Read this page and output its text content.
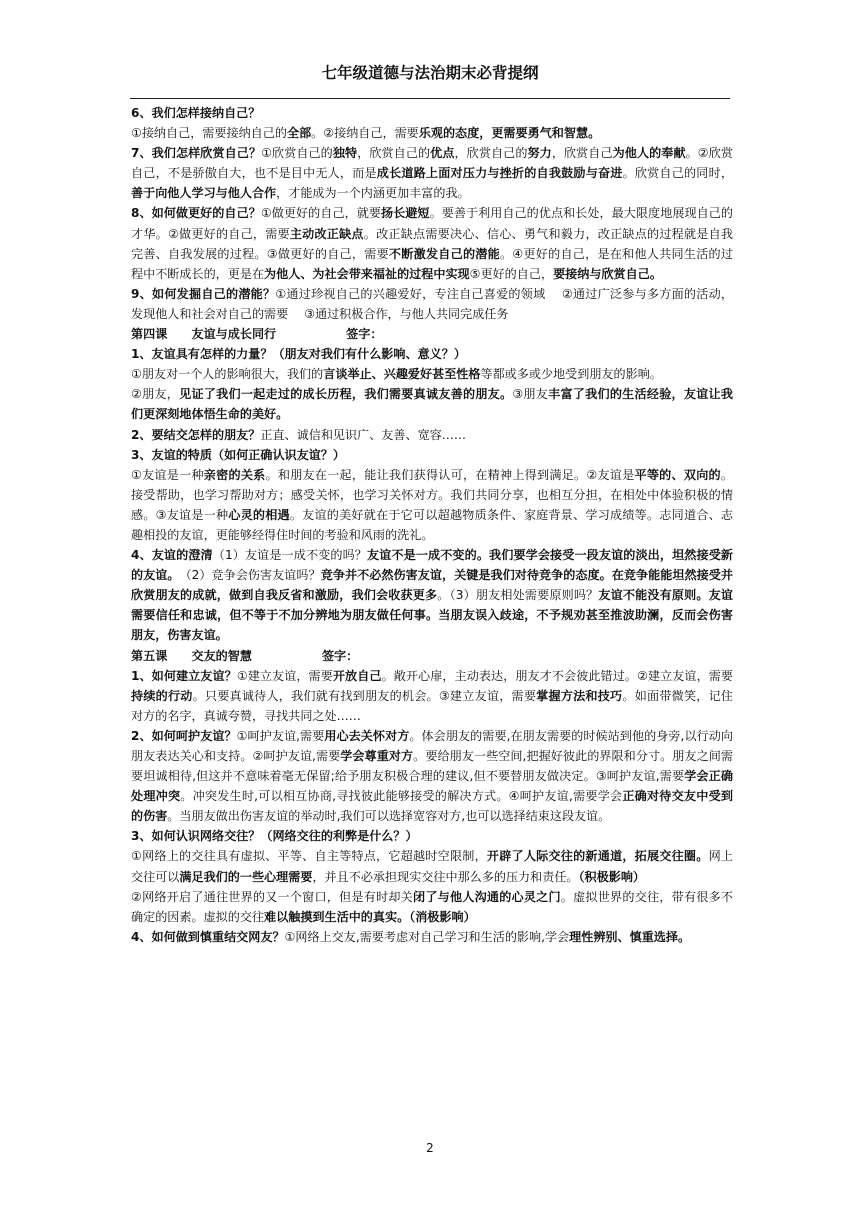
七年级道德与法治期末必背提纲

6、我们怎样接纳自己？

①接纳自己，需要接纳自己的全部。②接纳自己，需要乐观的态度，更需要勇气和智慧。

7、我们怎样欣赏自己？①欣赏自己的独特，欣赏自己的优点，欣赏自己的努力，欣赏自己为他人的奉献。②欣赏自己，不是骄傲自大，也不是目中无人，而是成长道路上面对压力与挫折的自我鼓励与奋进。欣赏自己的同时，善于向他人学习与他人合作，才能成为一个内涵更加丰富的我。

8、如何做更好的自己？①做更好的自己，就要扬长避短。要善于利用自己的优点和长处，最大限度地展现自己的才华。②做更好的自己，需要主动改正缺点。改正缺点需要决心、信心、勇气和毅力，改正缺点的过程就是自我完善、自我发展的过程。③做更好的自己，需要不断激发自己的潜能。④更好的自己，是在和他人共同生活的过程中不断成长的，更是在为他人、为社会带来福祉的过程中实现⑤更好的自己，要接纳与欣赏自己。

9、如何发掘自己的潜能？①通过珍视自己的兴趣爱好，专注自己喜爱的领域　 ②通过广泛参与多方面的活动，发现他人和社会对自己的需要　 ③通过积极合作，与他人共同完成任务

第四课　　友谊与成长同行	签字：

1、友谊具有怎样的力量？（朋友对我们有什么影响、意义？）

①朋友对一个人的影响很大，我们的言谈举止、兴趣爱好甚至性格等都或多或少地受到朋友的影响。

②朋友，见证了我们一起走过的成长历程，我们需要真诚友善的朋友。③朋友丰富了我们的生活经验，友谊让我们更深刻地体悟生命的美好。

2、要结交怎样的朋友？正直、诚信和见识广、友善、宽容……

3、友谊的特质（如何正确认识友谊？）

①友谊是一种亲密的关系。和朋友在一起，能让我们获得认可，在精神上得到满足。②友谊是平等的、双向的。接受帮助，也学习帮助对方；感受关怀，也学习关怀对方。我们共同分享，也相互分担，在相处中体验积极的情感。③友谊是一种心灵的相遇。友谊的美好就在于它可以超越物质条件、家庭背景、学习成绩等。志同道合、志趣相投的友谊，更能够经得住时间的考验和风雨的洗礼。

4、友谊的澄清（1）友谊是一成不变的吗？友谊不是一成不变的。我们要学会接受一段友谊的淡出，坦然接受新的友谊。　（2）竞争会伤害友谊吗？竞争并不必然伤害友谊，关键是我们对待竞争的态度。在竞争能能坦然接受并欣赏朋友的成就，做到自我反省和激励，我们会收获更多。（3）朋友相处需要原则吗？友谊不能没有原则。友谊需要信任和忠诚，但不等于不加分辨地为朋友做任何事。当朋友误入歧途，不予规劝甚至推波助澜，反而会伤害朋友，伤害友谊。

第五课　　交友的智慧	签字：

1、如何建立友谊？①建立友谊，需要开放自己。敞开心扉，主动表达，朋友才不会彼此错过。②建立友谊，需要持续的行动。只要真诚待人，我们就有找到朋友的机会。③建立友谊，需要掌握方法和技巧。如面带微笑，记住对方的名字，真诚夸赞，寻找共同之处……

2、如何呵护友谊？①呵护友谊,需要用心去关怀对方。体会朋友的需要,在朋友需要的时候站到他的身旁,以行动向朋友表达关心和支持。②呵护友谊,需要学会尊重对方。要给朋友一些空间,把握好彼此的界限和分寸。朋友之间需要坦诚相待,但这并不意味着毫无保留;给予朋友积极合理的建议,但不要替朋友做决定。③呵护友谊,需要学会正确处理冲突。冲突发生时,可以相互协商,寻找彼此能够接受的解决方式。④呵护友谊,需要学会正确对待交友中受到的伤害。当朋友做出伤害友谊的举动时,我们可以选择宽容对方,也可以选择结束这段友谊。

3、如何认识网络交往？（网络交往的利弊是什么？）

①网络上的交往具有虚拟、平等、自主等特点，它超越时空限制，开辟了人际交往的新通道，拓展交往圈。网上交往可以满足我们的一些心理需要，并且不必承担现实交往中那么多的压力和责任。（积极影响）

②网络开启了通往世界的又一个窗口，但是有时却关闭了与他人沟通的心灵之门。虚拟世界的交往，带有很多不确定的因素。虚拟的交往难以触摸到生活中的真实。（消极影响）

4、如何做到慎重结交网友？①网络上交友,需要考虑对自己学习和生活的影响,学会理性辨别、慎重选择。

2
